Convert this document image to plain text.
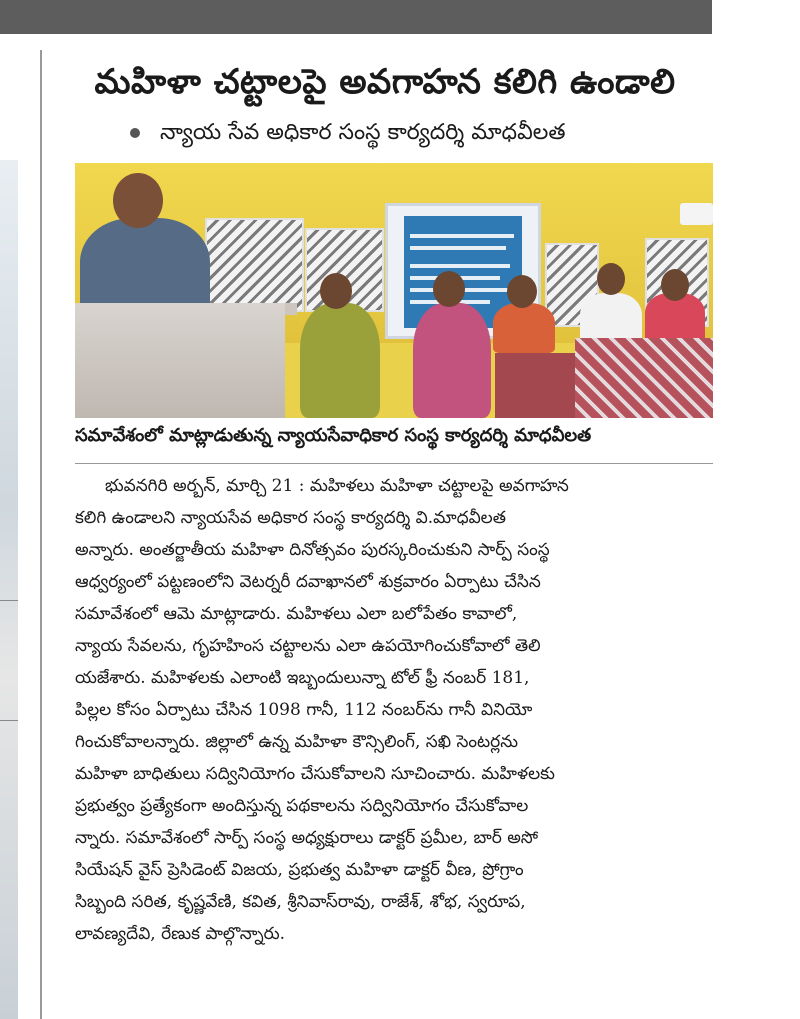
మహిళా చట్టాలపై అవగాహన కలిగి ఉండాలి
న్యాయ సేవ అధికార సంస్థ కార్యదర్శి మాధవీలత
సమావేశంలో మాట్లాడుతున్న న్యాయసేవాధికార సంస్థ కార్యదర్శి మాధవీలత
భువనగిరి అర్బన్, మార్చి 21 : మహిళలు మహిళా చట్టాలపై అవగాహన
కలిగి ఉండాలని న్యాయసేవ అధికార సంస్థ కార్యదర్శి వి.మాధవీలత
అన్నారు. అంతర్జాతీయ మహిళా దినోత్సవం పురస్కరించుకుని సార్ప్ సంస్థ
ఆధ్వర్యంలో పట్టణంలోని వెటర్నరీ దవాఖానలో శుక్రవారం ఏర్పాటు చేసిన
సమావేశంలో ఆమె మాట్లాడారు. మహిళలు ఎలా బలోపేతం కావాలో,
న్యాయ సేవలను, గృహహింస చట్టాలను ఎలా ఉపయోగించుకోవాలో తెలి
యజేశారు. మహిళలకు ఎలాంటి ఇబ్బందులున్నా టోల్ ఫ్రీ నంబర్ 181,
పిల్లల కోసం ఏర్పాటు చేసిన 1098 గానీ, 112 నంబర్‌ను గానీ వినియో
గించుకోవాలన్నారు. జిల్లాలో ఉన్న మహిళా కౌన్సిలింగ్, సఖి సెంటర్లను
మహిళా బాధితులు సద్వినియోగం చేసుకోవాలని సూచించారు. మహిళలకు
ప్రభుత్వం ప్రత్యేకంగా అందిస్తున్న పథకాలను సద్వినియోగం చేసుకోవాల
న్నారు. సమావేశంలో సార్ప్ సంస్థ అధ్యక్షురాలు డాక్టర్ ప్రమీల, బార్ అసో
సియేషన్ వైస్ ప్రెసిడెంట్ విజయ, ప్రభుత్వ మహిళా డాక్టర్ వీణ, ప్రోగ్రాం
సిబ్బంది సరిత, కృష్ణవేణి, కవిత, శ్రీనివాస్‌రావు, రాజేశ్, శోభ, స్వరూప,
లావణ్యదేవి, రేణుక పాల్గొన్నారు.
